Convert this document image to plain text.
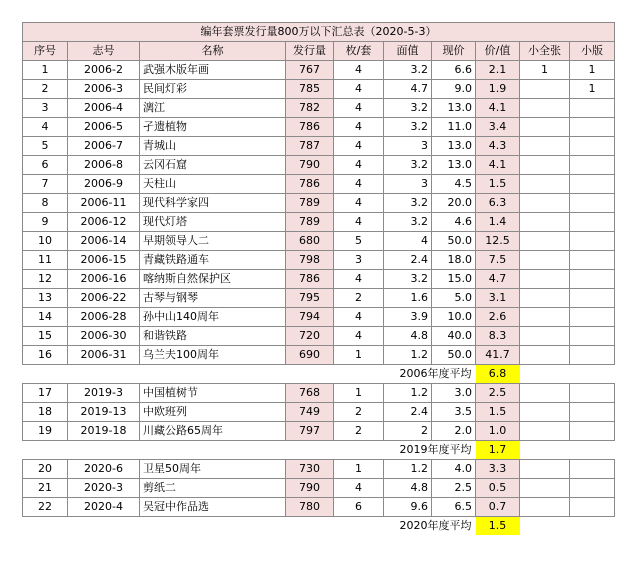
编年套票发行量800万以下汇总表（2020-5-3）									
序号	志号	名称	发行量	枚/套	面值	现价	价/值	小全张	小版
1	2006-2	武强木版年画	767	4	3.2	6.6	2.1	1	1
2	2006-3	民间灯彩	785	4	4.7	9.0	1.9		1
3	2006-4	漓江	782	4	3.2	13.0	4.1		
4	2006-5	孑遗植物	786	4	3.2	11.0	3.4		
5	2006-7	青城山	787	4	3	13.0	4.3		
6	2006-8	云冈石窟	790	4	3.2	13.0	4.1		
7	2006-9	天柱山	786	4	3	4.5	1.5		
8	2006-11	现代科学家四	789	4	3.2	20.0	6.3		
9	2006-12	现代灯塔	789	4	3.2	4.6	1.4		
10	2006-14	早期领导人二	680	5	4	50.0	12.5		
11	2006-15	青藏铁路通车	798	3	2.4	18.0	7.5		
12	2006-16	喀纳斯自然保护区	786	4	3.2	15.0	4.7		
13	2006-22	古琴与钢琴	795	2	1.6	5.0	3.1		
14	2006-28	孙中山140周年	794	4	3.9	10.0	2.6		
15	2006-30	和谐铁路	720	4	4.8	40.0	8.3		
16	2006-31	乌兰夫100周年	690	1	1.2	50.0	41.7		
2006年度平均							6.8		
17	2019-3	中国植树节	768	1	1.2	3.0	2.5		
18	2019-13	中欧班列	749	2	2.4	3.5	1.5		
19	2019-18	川藏公路65周年	797	2	2	2.0	1.0		
2019年度平均							1.7		
20	2020-6	卫星50周年	730	1	1.2	4.0	3.3		
21	2020-3	剪纸二	790	4	4.8	2.5	0.5		
22	2020-4	吴冠中作品选	780	6	9.6	6.5	0.7		
2020年度平均							1.5		
